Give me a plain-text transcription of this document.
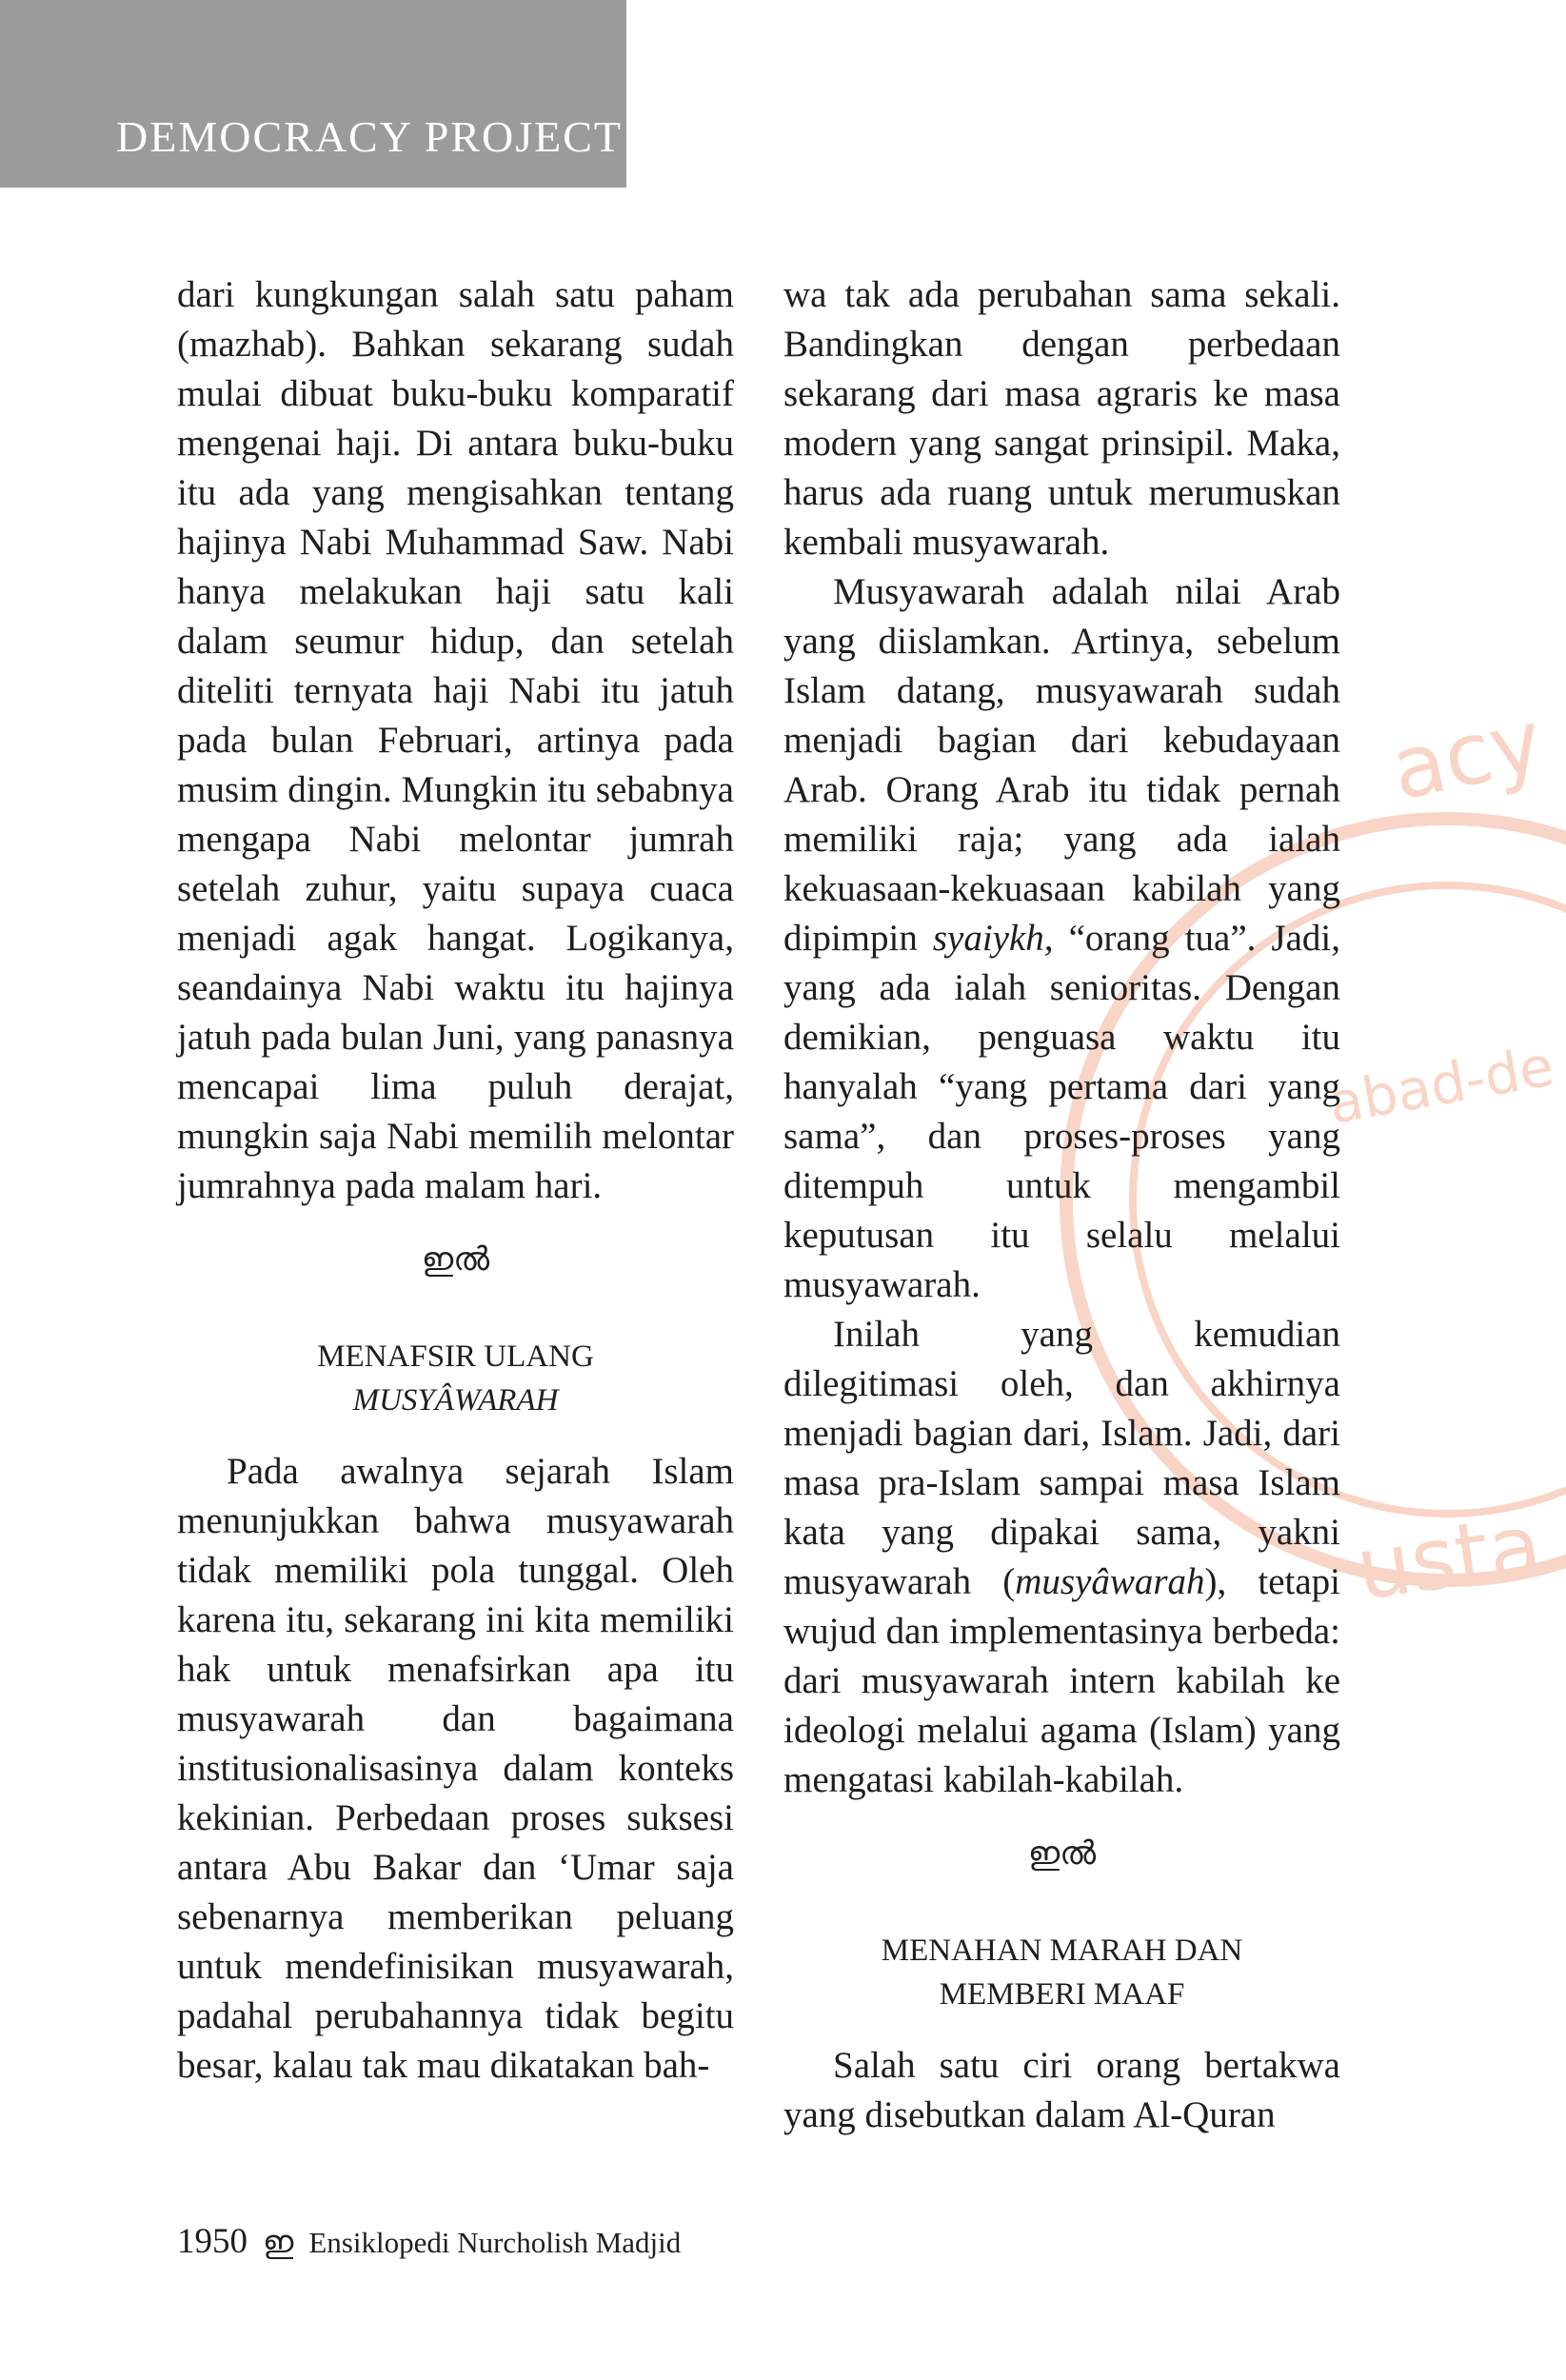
DEMOCRACY PROJECT
acy
abad-de
usta

dari kungkungan salah satu paham (mazhab). Bahkan sekarang sudah mulai dibuat buku-buku komparatif mengenai haji. Di antara buku-buku itu ada yang mengisahkan tentang hajinya Nabi Muhammad Saw. Nabi hanya melakukan haji satu kali dalam seumur hidup, dan setelah diteliti ternyata haji Nabi itu jatuh pada bulan Februari, artinya pada musim dingin. Mungkin itu sebabnya mengapa Nabi melontar jumrah setelah zuhur, yaitu supaya cuaca menjadi agak hangat. Logikanya, seandainya Nabi waktu itu hajinya jatuh pada bulan Juni, yang panasnya mencapai lima puluh derajat, mungkin saja Nabi memilih melontar jumrahnya pada malam hari.

ഇൽ
MENAFSIR ULANG
MUSYÂWARAH

Pada awalnya sejarah Islam menunjukkan bahwa musyawarah tidak memiliki pola tunggal. Oleh karena itu, sekarang ini kita memiliki hak untuk menafsirkan apa itu musyawarah dan bagaimana institusionalisasinya dalam konteks kekinian. Perbedaan proses suksesi antara Abu Bakar dan ‘Umar saja sebenarnya memberikan peluang untuk mendefinisikan musyawarah, padahal perubahannya tidak begitu besar, kalau tak mau dikatakan bah-

wa tak ada perubahan sama sekali. Bandingkan dengan perbedaan sekarang dari masa agraris ke masa modern yang sangat prinsipil. Maka, harus ada ruang untuk merumuskan kembali musyawarah.

Musyawarah adalah nilai Arab yang diislamkan. Artinya, sebelum Islam datang, musyawarah sudah menjadi bagian dari kebudayaan Arab. Orang Arab itu tidak pernah memiliki raja; yang ada ialah kekuasaan-kekuasaan kabilah yang dipimpin syaiykh, “orang tua”. Jadi, yang ada ialah senioritas. Dengan demikian, penguasa waktu itu hanyalah “yang pertama dari yang sama”, dan proses-proses yang ditempuh untuk mengambil keputusan itu selalu melalui musyawarah.

Inilah yang kemudian dilegitimasi oleh, dan akhirnya menjadi bagian dari, Islam. Jadi, dari masa pra-Islam sampai masa Islam kata yang dipakai sama, yakni musyawarah (musyâwarah), tetapi wujud dan implementasinya berbeda: dari musyawarah intern kabilah ke ideologi melalui agama (Islam) yang mengatasi kabilah-kabilah.

ഇൽ
MENAHAN MARAH DAN
MEMBERI MAAF

Salah satu ciri orang bertakwa yang disebutkan dalam Al-Quran

1950 ഇ Ensiklopedi Nurcholish Madjid
